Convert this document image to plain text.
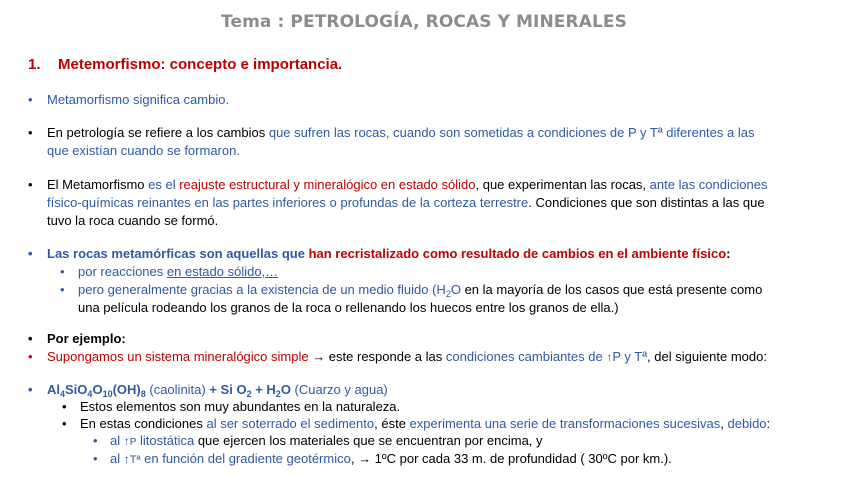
Tema : PETROLOGÍA, ROCAS Y MINERALES
1. Metemorfismo: concepto e importancia.
• Metamorfismo significa cambio.
• En petrología se refiere a los cambios que sufren las rocas, cuando son sometidas a condiciones de P y Tª diferentes a las
que existían cuando se formaron.
• El Metamorfismo es el reajuste estructural y mineralógico en estado sólido, que experimentan las rocas, ante las condiciones
físico-químicas reinantes en las partes inferiores o profundas de la corteza terrestre. Condiciones que son distintas a las que
tuvo la roca cuando se formó.
• Las rocas metamórficas son aquellas que han recristalizado como resultado de cambios en el ambiente físico:
• por reacciones en estado sólido,…
• pero generalmente gracias a la existencia de un medio fluido ($H_2O$ en la mayoría de los casos que está presente como
una película rodeando los granos de la roca o rellenando los huecos entre los granos de ella.)
• Por ejemplo:
• Supongamos un sistema mineralógico simple → este responde a las condiciones cambiantes de ↑P y Tª, del siguiente modo:
• $Al_4SiO_4O_{10}(OH)_8$ (caolinita) + Si $O_2 + H_2O$ (Cuarzo y agua)
• Estos elementos son muy abundantes en la naturaleza.
• En estas condiciones al ser soterrado el sedimento, éste experimenta una serie de transformaciones sucesivas, debido:
• al ↑P litostática que ejercen los materiales que se encuentran por encima, y
• al ↑Tª en función del gradiente geotérmico, → 1ºC por cada 33 m. de profundidad ( 30ºC por km.).
